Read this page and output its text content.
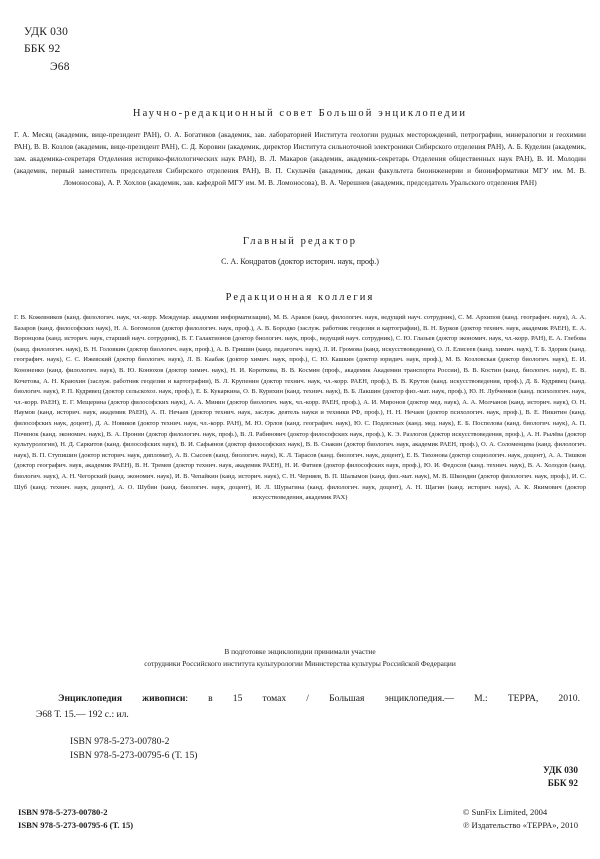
УДК 030
ББК 92
Э68
Научно-редакционный совет Большой энциклопедии

Г. А. Месяц (академик, вице-президент РАН), О. А. Богатиков (академик, зав. лабораторией Института геологии рудных месторождений, петрографии, минералогии и геохимии РАН), В. В. Козлов (академик, вице-президент РАН), С. Д. Коровин (академик, директор Института сильноточной электроники Сибирского отделения РАН), А. Б. Куделин (академик, зам. академика-секретаря Отделения историко-филологических наук РАН), В. Л. Макаров (академик, академик-секретарь Отделения общественных наук РАН), В. И. Молодин (академик, первый заместитель председателя Сибирского отделения РАН), В. П. Скулачёв (академик, декан факультета биоинженерии и биоинформатики МГУ им. М. В. Ломоносова), А. Р. Хохлов (академик, зав. кафедрой МГУ им. М. В. Ломоносова), В. А. Черешнев (академик, председатель Уральского отделения РАН)

Главный редактор

С. А. Кондратов (доктор историч. наук, проф.)

Редакционная коллегия

Г. В. Кожевников (канд. филологич. наук, чл.-корр. Междунар. академии информатизации), М. В. Араков (канд. филологич. наук, ведущий науч. сотрудник), С. М. Архипов (канд. географич. наук), А. А. Базаров (канд. философских наук), Н. А. Богомолов (доктор филологич. наук, проф.), А. В. Бородко (заслуж. работник геодезии и картографии), В. Н. Бурков (доктор технич. наук, академик РАЕН), Е. А. Воронцова (канд. историч. наук, старший науч. сотрудник), В. Г. Галактионов (доктор биологич. наук, проф., ведущий науч. сотрудник), С. Ю. Глазьев (доктор экономич. наук, чл.-корр. РАН), Е. А. Глебова (канд. филологич. наук), В. Н. Головкин (доктор биологич. наук, проф.), А. В. Гришин (канд. педагогич. наук), Л. И. Громова (канд. искусствоведения), О. Л. Елисеев (канд. химич. наук), Т. Б. Здорик (канд. географич. наук), С. С. Ижевский (доктор биологич. наук), Л. В. Каабак (доктор химич. наук, проф.), С. Ю. Кашкин (доктор юридич. наук, проф.), М. В. Козловская (доктор биологич. наук), Е. И. Кононенко (канд. филологич. наук), В. Ю. Конюхов (доктор химич. наук), Н. И. Короткова, В. В. Космин (проф., академик Академии транспорта России), В. В. Костин (канд. биологич. наук), Е. В. Кочетова, А. Н. Краюхин (заслуж. работник геодезии и картографии), В. Л. Крупенин (доктор технич. наук, чл.-корр. РАЕН, проф.), В. В. Крутов (канд. искусствоведения, проф.), Д. Б. Кудрявец (канд. биологич. наук), Р. П. Кудрявец (доктор сельскохоз. наук, проф.), Е. Б. Кукаркина, О. В. Курихин (канд. технич. наук), В. Б. Лакшин (доктор физ.-мат. наук, проф.), Ю. Н. Лубченков (канд. психологич. наук, чл.-корр. РАЕН), Е. Г. Мещерина (доктор философских наук), А. А. Минин (доктор биологич. наук, чл.-корр. РАЕН, проф.), А. И. Миронов (доктор мед. наук), А. А. Молчанов (канд. историч. наук), О. Н. Наумов (канд. историч. наук, академик РАЕН), А. П. Нечаев (доктор технич. наук, заслуж. деятель науки и техники РФ, проф.), Н. Н. Нечаев (доктор психологич. наук, проф.), В. Е. Никитин (канд. философских наук, доцент), Д. А. Новиков (доктор технич. наук, чл.-корр. РАН), М. Ю. Орлов (канд. географич. наук), Ю. С. Подлесных (канд. мед. наук), Е. Б. Поспелова (канд. биологич. наук), А. П. Починок (канд. экономич. наук), В. А. Пронин (доктор филологич. наук, проф.), В. Л. Рабинович (доктор философских наук, проф.), К. Э. Разлогов (доктор искусствоведения, проф.), А. Н. Рылёва (доктор культурологии), Н. Д. Саркитов (канд. философских наук), В. И. Сафьянов (доктор философских наук), В. В. Снакин (доктор биологич. наук, академик РАЕН, проф.), О. А. Соломенцева (канд. филологич. наук), В. П. Ступишин (доктор историч. наук, дипломат), А. В. Сысоев (канд. биологич. наук), К. Л. Тарасов (канд. биологич. наук, доцент), Е. В. Тихонова (доктор социологич. наук, доцент), А. А. Тишков (доктор географич. наук, академик РАЕН), В. Н. Тремев (доктор технич. наук, академик РАЕН), Н. И. Фатиев (доктор философских наук, проф.), Ю. И. Федосов (канд. технич. наук), В. А. Холодов (канд. биологич. наук), А. Н. Чегорский (канд. экономич. наук), И. В. Чепайкин (канд. историч. наук), С. Н. Черняев, В. П. Шалымов (канд. физ.-мат. наук), М. В. Шкондин (доктор филологич. наук, проф.), И. С. Шуб (канд. технич. наук, доцент), А. О. Шубин (канд. биологич. наук, доцент), И. Л. Шурыгина (канд. филологич. наук, доцент), А. Н. Щагин (канд. историч. наук), А. К. Якимович (доктор искусствоведения, академик РАХ)

В подготовке энциклопедии принимали участие
сотрудники Российского института культурологии Министерства культуры Российской Федерации
Энциклопедия живописи: в 15 томах / Большая энциклопедия.— М.: ТЕРРА, 2010.
Э68 Т. 15.— 192 с.: ил.
ISBN 978-5-273-00780-2
ISBN 978-5-273-00795-6 (Т. 15)
УДК 030
ББК 92
ISBN 978-5-273-00780-2
ISBN 978-5-273-00795-6 (Т. 15)
© SunFix Limited, 2004
℗ Издательство «ТЕРРА», 2010
